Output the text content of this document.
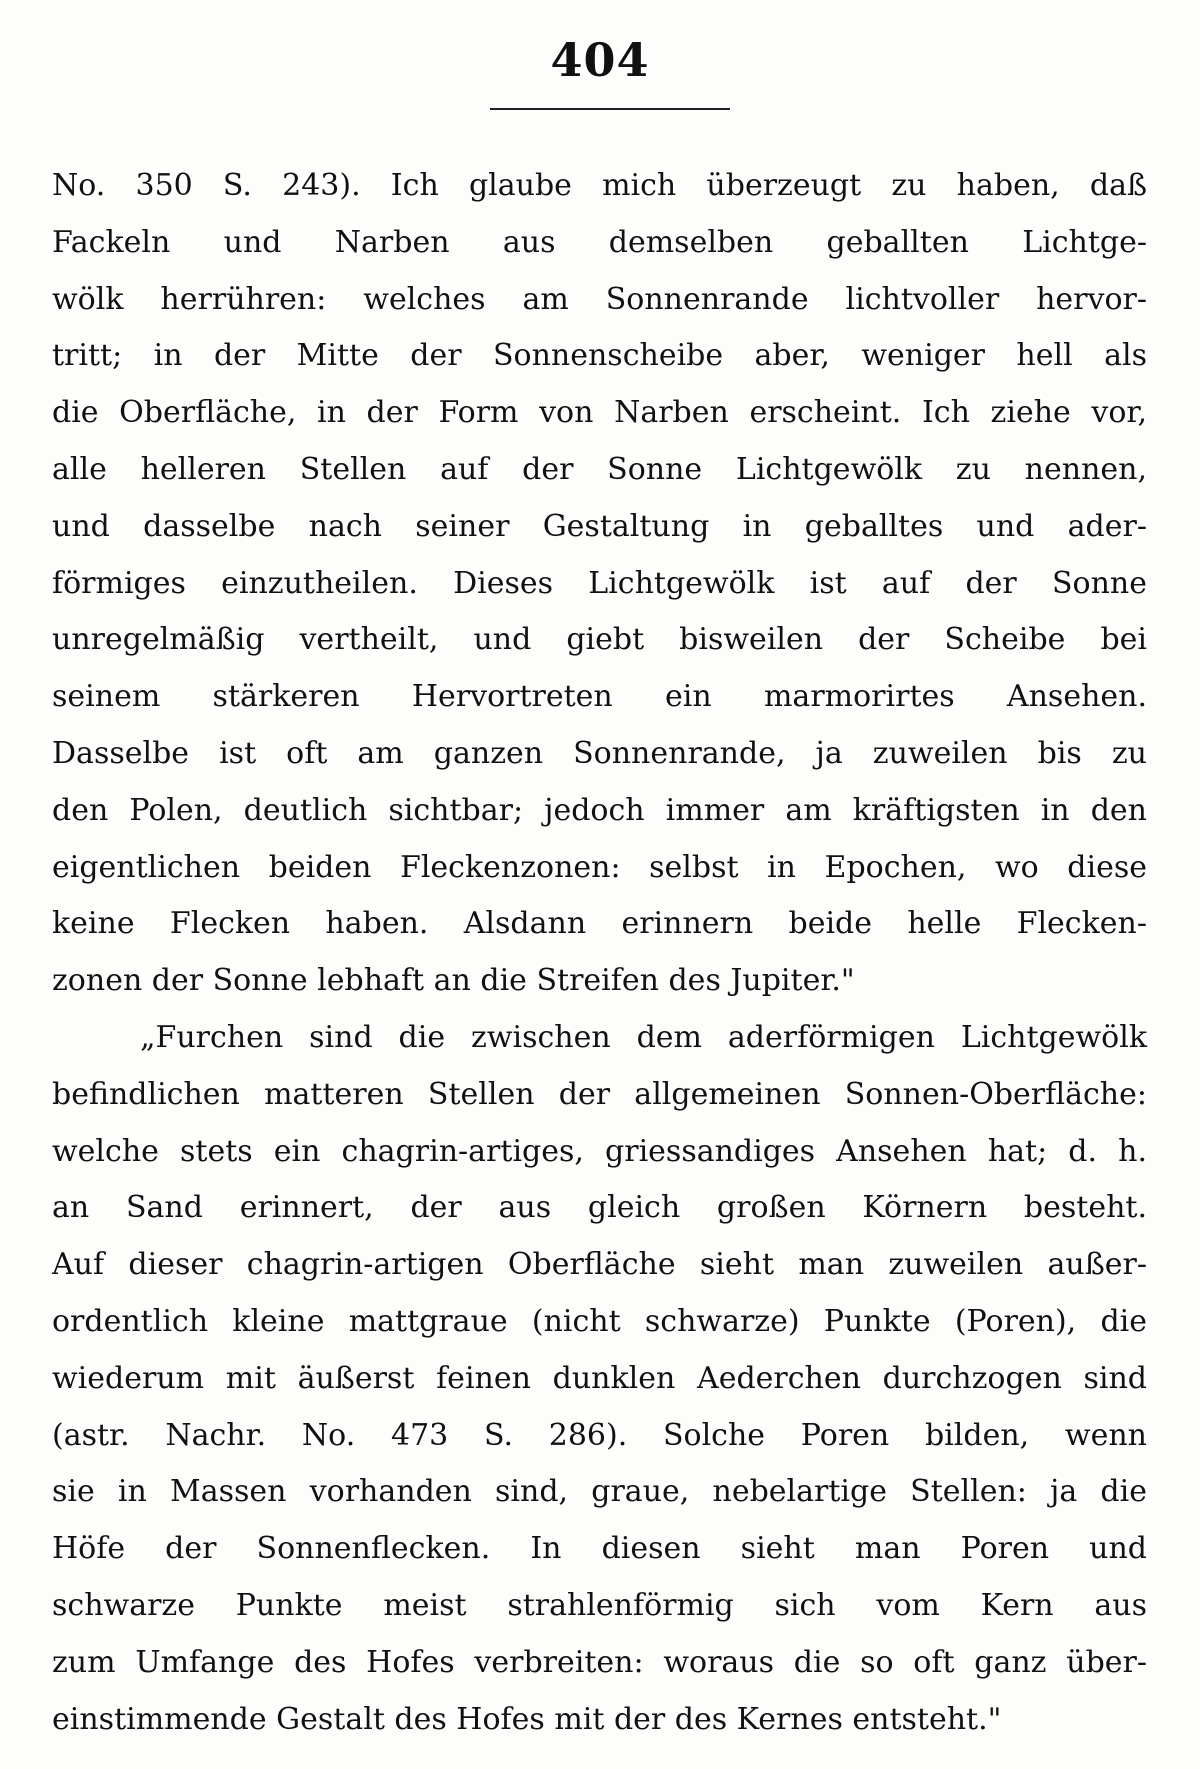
404
No. 350 S. 243). Ich glaube mich überzeugt zu haben, daß
Fackeln und Narben aus demselben geballten Lichtge-
wölk herrühren: welches am Sonnenrande lichtvoller hervor-
tritt; in der Mitte der Sonnenscheibe aber, weniger hell als
die Oberfläche, in der Form von Narben erscheint. Ich ziehe vor,
alle helleren Stellen auf der Sonne Lichtgewölk zu nennen,
und dasselbe nach seiner Gestaltung in geballtes und ader-
förmiges einzutheilen. Dieses Lichtgewölk ist auf der Sonne
unregelmäßig vertheilt, und giebt bisweilen der Scheibe bei
seinem stärkeren Hervortreten ein marmorirtes Ansehen.
Dasselbe ist oft am ganzen Sonnenrande, ja zuweilen bis zu
den Polen, deutlich sichtbar; jedoch immer am kräftigsten in den
eigentlichen beiden Fleckenzonen: selbst in Epochen, wo diese
keine Flecken haben. Alsdann erinnern beide helle Flecken-
zonen der Sonne lebhaft an die Streifen des Jupiter."
„Furchen sind die zwischen dem aderförmigen Lichtgewölk
befindlichen matteren Stellen der allgemeinen Sonnen-Oberfläche:
welche stets ein chagrin-artiges, griessandiges Ansehen hat; d. h.
an Sand erinnert, der aus gleich großen Körnern besteht.
Auf dieser chagrin-artigen Oberfläche sieht man zuweilen außer-
ordentlich kleine mattgraue (nicht schwarze) Punkte (Poren), die
wiederum mit äußerst feinen dunklen Aederchen durchzogen sind
(astr. Nachr. No. 473 S. 286). Solche Poren bilden, wenn
sie in Massen vorhanden sind, graue, nebelartige Stellen: ja die
Höfe der Sonnenflecken. In diesen sieht man Poren und
schwarze Punkte meist strahlenförmig sich vom Kern aus
zum Umfange des Hofes verbreiten: woraus die so oft ganz über-
einstimmende Gestalt des Hofes mit der des Kernes entsteht."
